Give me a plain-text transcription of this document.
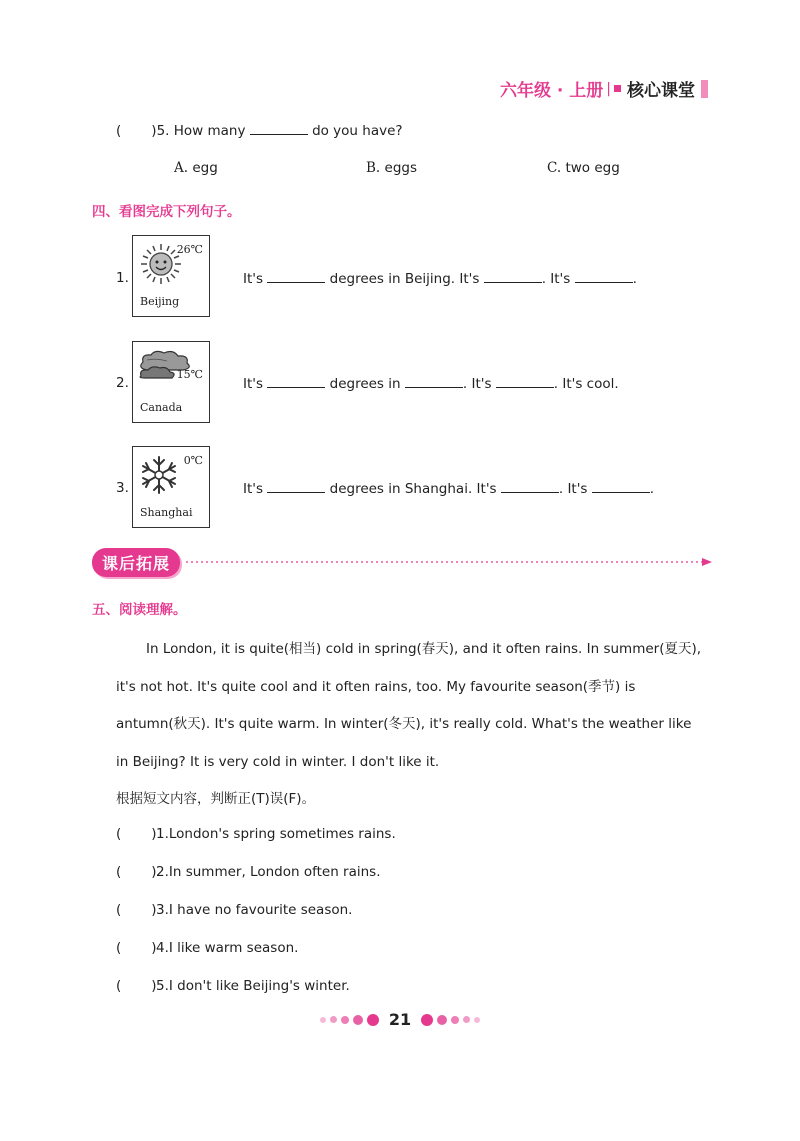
六年级 · 上册 | 核心课堂
( )5. How many	do you have?
A. egg	B. eggs	C. two egg
四、看图完成下列句子。
1.
26℃
Beijing
It's	degrees in Beijing. It's	. It's	.
2.
15℃
Canada
It's	degrees in	. It's	. It's cool.
3.
0℃
Shanghai
It's	degrees in Shanghai. It's	. It's	.
课后拓展
五、阅读理解。

In London, it is quite(相当) cold in spring(春天), and it often rains. In summer(夏天), it's not hot. It's quite cool and it often rains, too. My favourite season(季节) is antumn(秋天). It's quite warm. In winter(冬天), it's really cold. What's the weather like in Beijing? It is very cold in winter. I don't like it.

根据短文内容，判断正(T)误(F)。
(       )1.London's spring sometimes rains.
(       )2.In summer, London often rains.
(       )3.I have no favourite season.
(       )4.I like warm season.
(       )5.I don't like Beijing's winter.
21
